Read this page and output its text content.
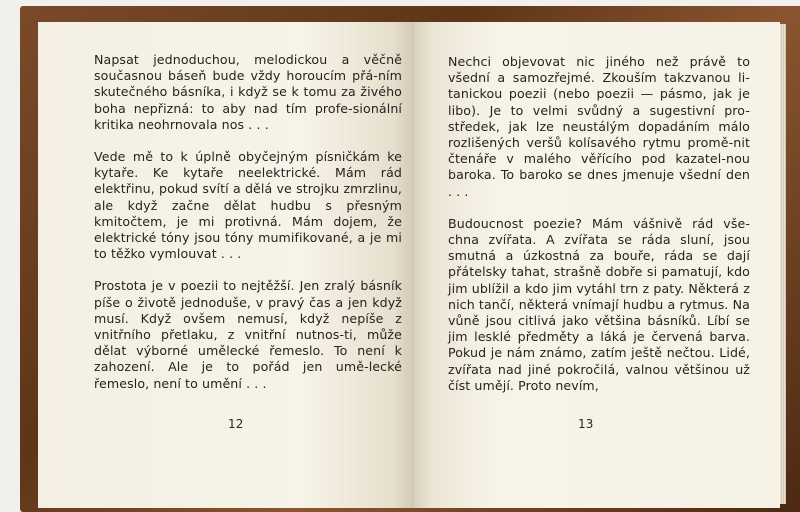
Napsat jednoduchou, melodickou a věčně současnou báseň bude vždy horoucím přá-ním skutečného básníka, i když se k tomu za živého boha nepřizná: to aby nad tím profe-sionální kritika neohrnovala nos . . .

Vede mě to k úplně obyčejným písničkám ke kytaře. Ke kytaře neelektrické. Mám rád elektřinu, pokud svítí a dělá ve strojku zmrzlinu, ale když začne dělat hudbu s přesným kmitočtem, je mi protivná. Mám dojem, že elektrické tóny jsou tóny mumifikované, a je mi to těžko vymlouvat . . .

Prostota je v poezii to nejtěžší. Jen zralý básník píše o životě jednoduše, v pravý čas a jen když musí. Když ovšem nemusí, když nepíše z vnitřního přetlaku, z vnitřní nutnos-ti, může dělat výborné umělecké řemeslo. To není k zahození. Ale je to pořád jen umě-lecké řemeslo, není to umění . . .

12

Nechci objevovat nic jiného než právě to všední a samozřejmé. Zkouším takzvanou li-tanickou poezii (nebo poezii — pásmo, jak je libo). Je to velmi svůdný a sugestivní pro-středek, jak lze neustálým dopadáním málo rozlišených veršů kolísavého rytmu promě-nit čtenáře v malého věřícího pod kazatel-nou baroka. To baroko se dnes jmenuje všední den . . .

Budoucnost poezie? Mám vášnivě rád vše-chna zvířata. A zvířata se ráda sluní, jsou smutná a úzkostná za bouře, ráda se dají přátelsky tahat, strašně dobře si pamatují, kdo jim ublížil a kdo jim vytáhl trn z paty. Některá z nich tančí, některá vnímají hudbu a rytmus. Na vůně jsou citlivá jako většina básníků. Líbí se jim lesklé předměty a láká je červená barva. Pokud je nám známo, zatím ještě nečtou. Lidé, zvířata nad jiné pokročilá, valnou většinou už číst umějí. Proto nevím,

13
